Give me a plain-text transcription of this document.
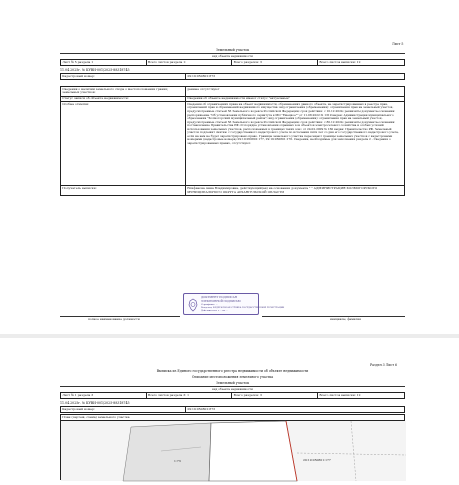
Лист 5
Земельный участок
вид объекта недвижимости
Лист № 5 раздела 1	Всего листов раздела 1:	Всего разделов: 3	Всего листов выписки: 12
11.04.2025г. № КУВИ-001/2025-88318745
Кадастровый номер:	29:19:050801:873
Сведения о наличии земельного спора о местоположении границ земельных участков:	данные отсутствуют
Статус записи об объекте недвижимости:	Сведения об объекте недвижимости имеют статус "актуальные"
Особые отметки:	Сведения об ограничениях права на объект недвижимости, обременениях данного объекта, не зарегистрированных в реестре прав, ограничений прав и обременений недвижимого имущества: вид ограничения (обременения): ограничения прав на земельный участок, предусмотренные статьей 56 Земельного кодекса Российской Федерации; срок действия: с 10.12.2024; реквизиты документа-основания: распоряжение "Об установлении публичного сервитута в МО "Емецкое"" от 11.08.2022 № 1319 выдан: Администрация муниципального образования "Холмогорский муниципальный район"; вид ограничения (обременения): ограничения прав на земельный участок, предусмотренные статьей 56 Земельного кодекса Российской Федерации; срок действия: с 80.12.2024; реквизиты документа-основания: постановление Правительства РФ «О порядке установления охранных зон объектов электросетевого хозяйства и особых условий использования земельных участков, расположенных в границах таких зон» от 24.02.2009 № 160 выдан: Правительство РФ. Земельный участок подлежит снятию с государственного кадастрового учета по истечении пяти лет со дня его государственного кадастрового учета, если на нем не будет зарегистрировано право. Границы земельного участка пересекают границы земельных участков с кадастровыми номерами (кадастровые номера) 29:19:050801:177, 29:19:050801:176. Сведения, необходимые для заполнения раздела 2 - Сведения о зарегистрированных правах, отсутствуют.
Получатель выписки:	Епифанова Анна Владимировна, действующий(ая) на основании документа " " АДМИНИСТРАЦИЯ ХОЛМОГОРСКОГО МУНИЦИПАЛЬНОГО ОКРУГА АРХАНГЕЛЬСКОЙ ОБЛАСТИ
ДОКУМЕНТ ПОДПИСАН
ЭЛЕКТРОННОЙ ПОДПИСЬЮ
Сертификат: ...
Владелец: ФЕДЕРАЛЬНАЯ СЛУЖБА ГОСУДАРСТВЕННОЙ РЕГИСТРАЦИИ
Действителен: с ... по ...
полное наименование должности	инициалы, фамилия
Раздел 3 Лист 6
Выписка из Единого государственного реестра недвижимости об объекте недвижимости
Описание местоположения земельного участка
Земельный участок
вид объекта недвижимости
Лист № 1 раздела 3	Всего листов раздела 3: 1	Всего разделов: 3	Всего листов выписки: 12
11.04.2025г. № КУВИ-001/2025-88318745
Кадастровый номер:	29:19:050801:873
План (чертеж, схема) земельного участка
1:73	29:19:050801:177
